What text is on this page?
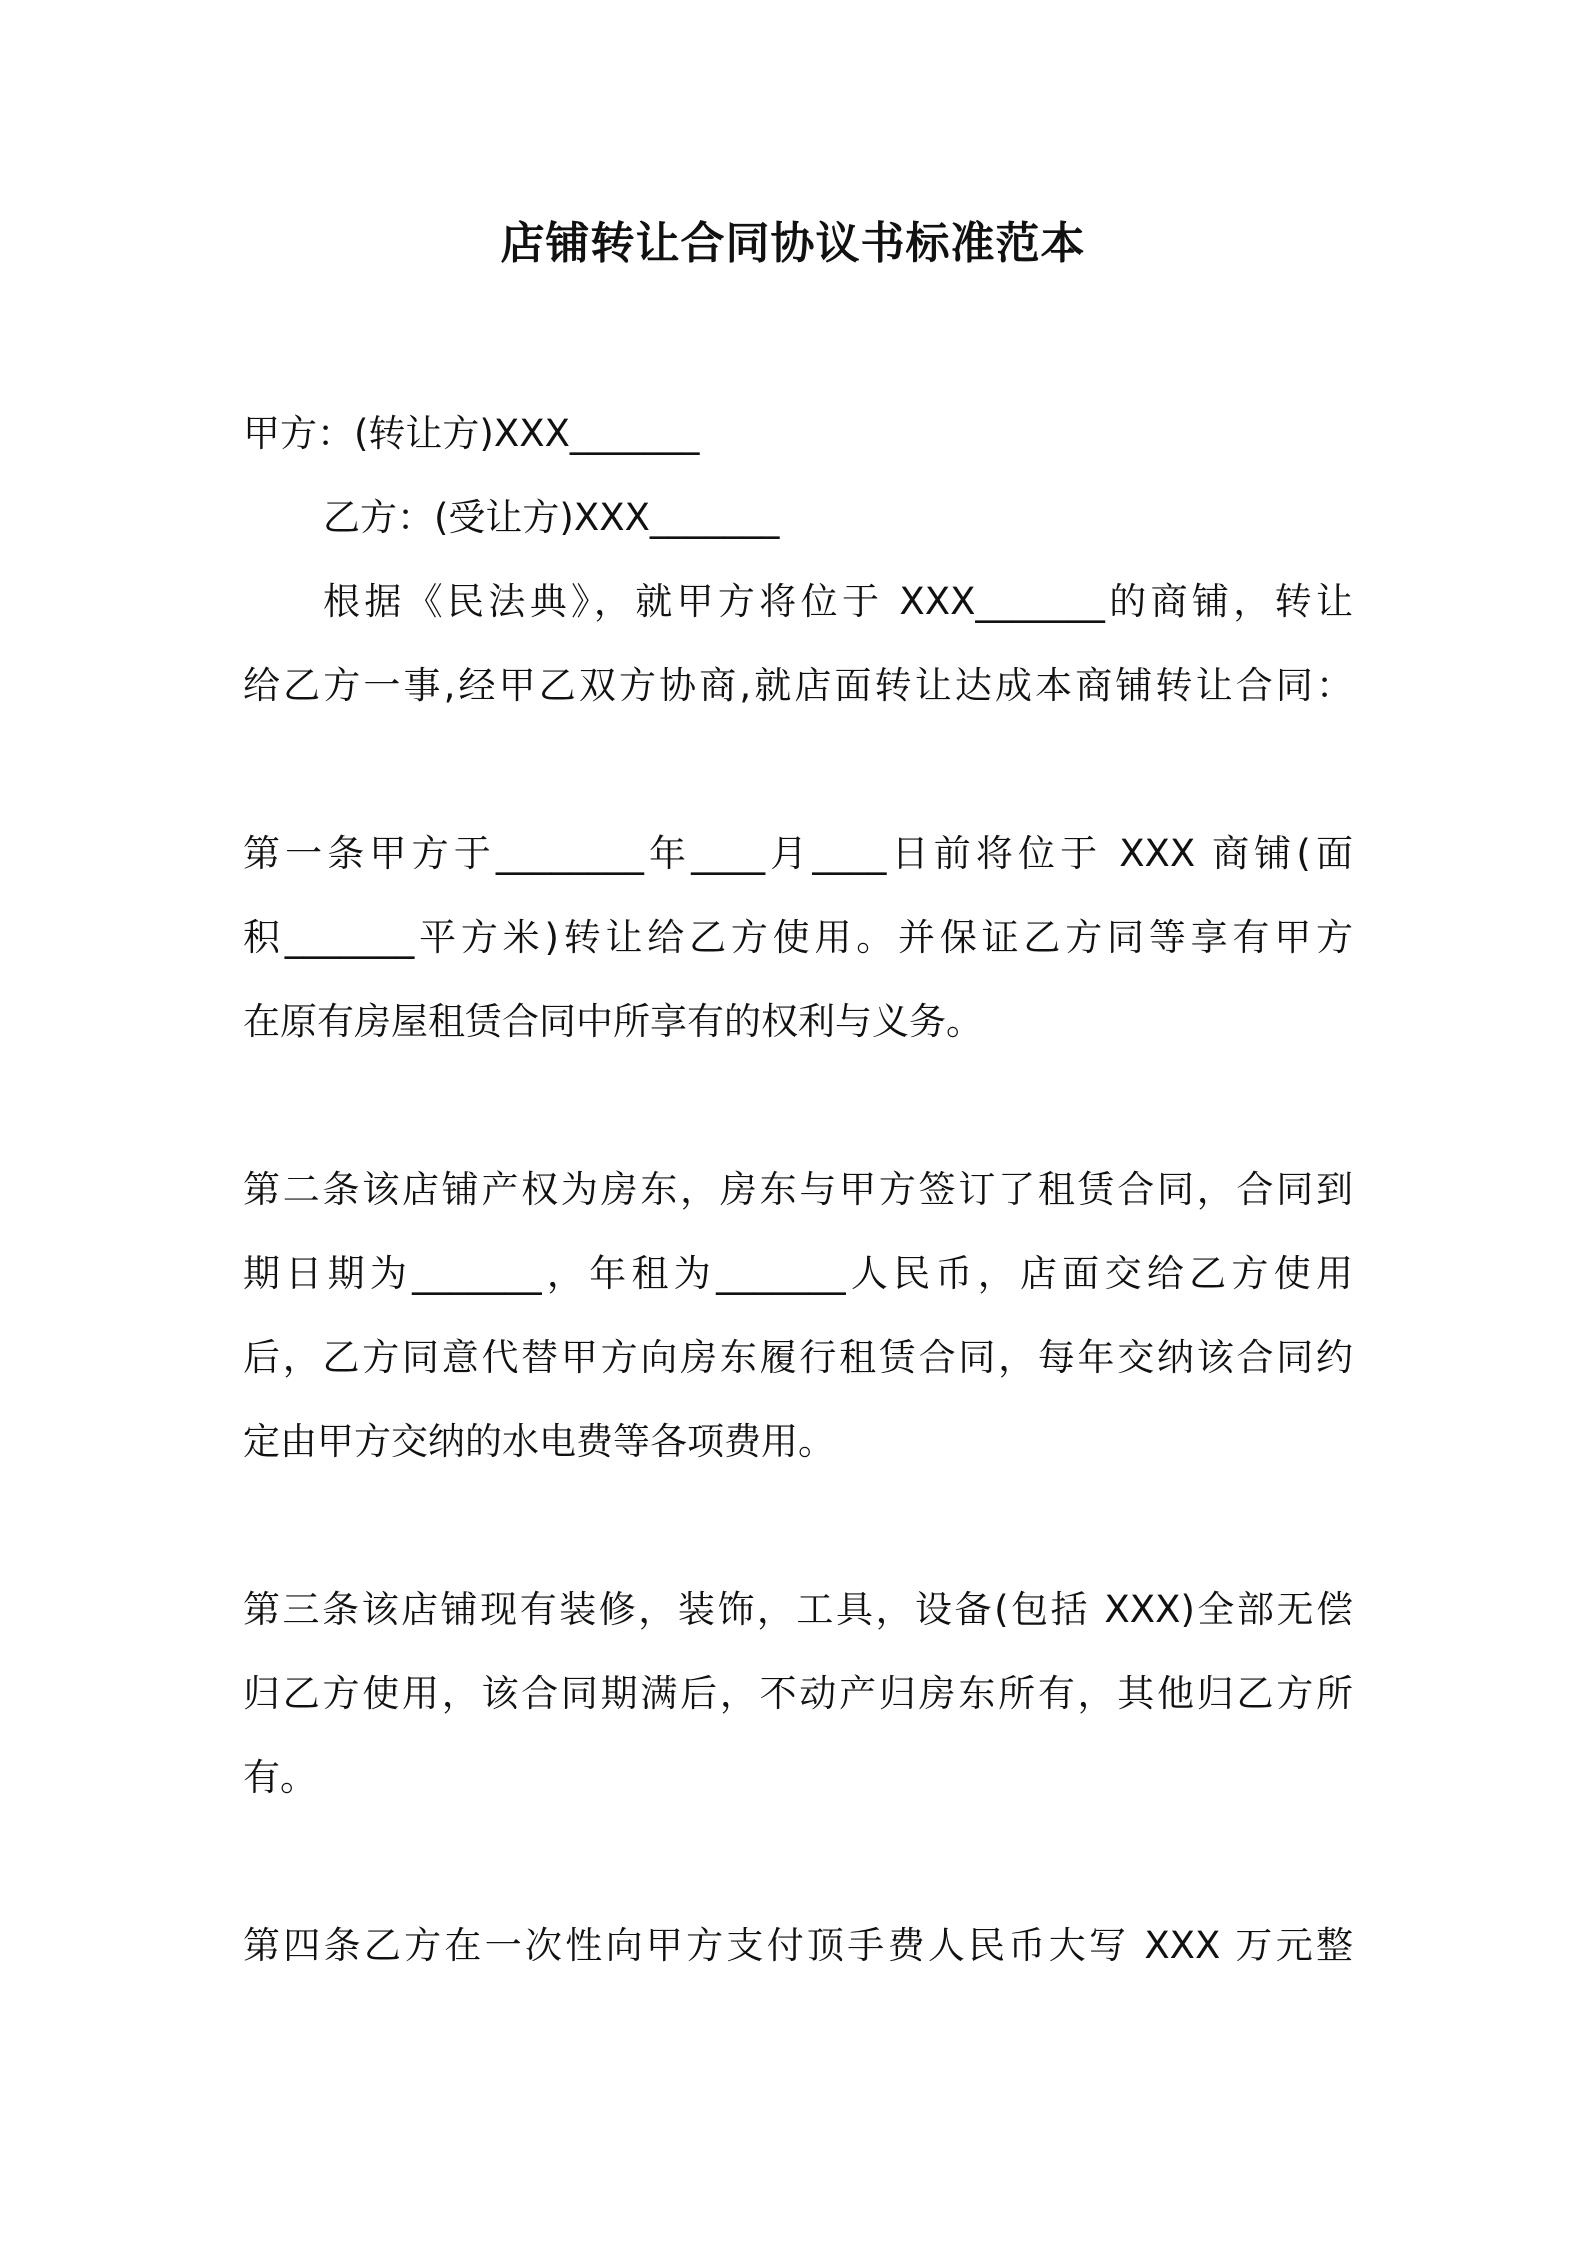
店铺转让合同协议书标准范本
甲方：(转让方)XXX_______
乙方：(受让方)XXX_______
根据《民法典》，就甲方将位于 XXX_______的商铺，转让
给乙方一事,经甲乙双方协商,就店面转让达成本商铺转让合同：
第一条甲方于________年____月____日前将位于 XXX 商铺(面
积_______平方米)转让给乙方使用。并保证乙方同等享有甲方
在原有房屋租赁合同中所享有的权利与义务。
第二条该店铺产权为房东，房东与甲方签订了租赁合同，合同到
期日期为_______，年租为_______人民币，店面交给乙方使用
后，乙方同意代替甲方向房东履行租赁合同，每年交纳该合同约
定由甲方交纳的水电费等各项费用。
第三条该店铺现有装修，装饰，工具，设备(包括 XXX)全部无偿
归乙方使用，该合同期满后，不动产归房东所有，其他归乙方所
有。
第四条乙方在一次性向甲方支付顶手费人民币大写 XXX 万元整
